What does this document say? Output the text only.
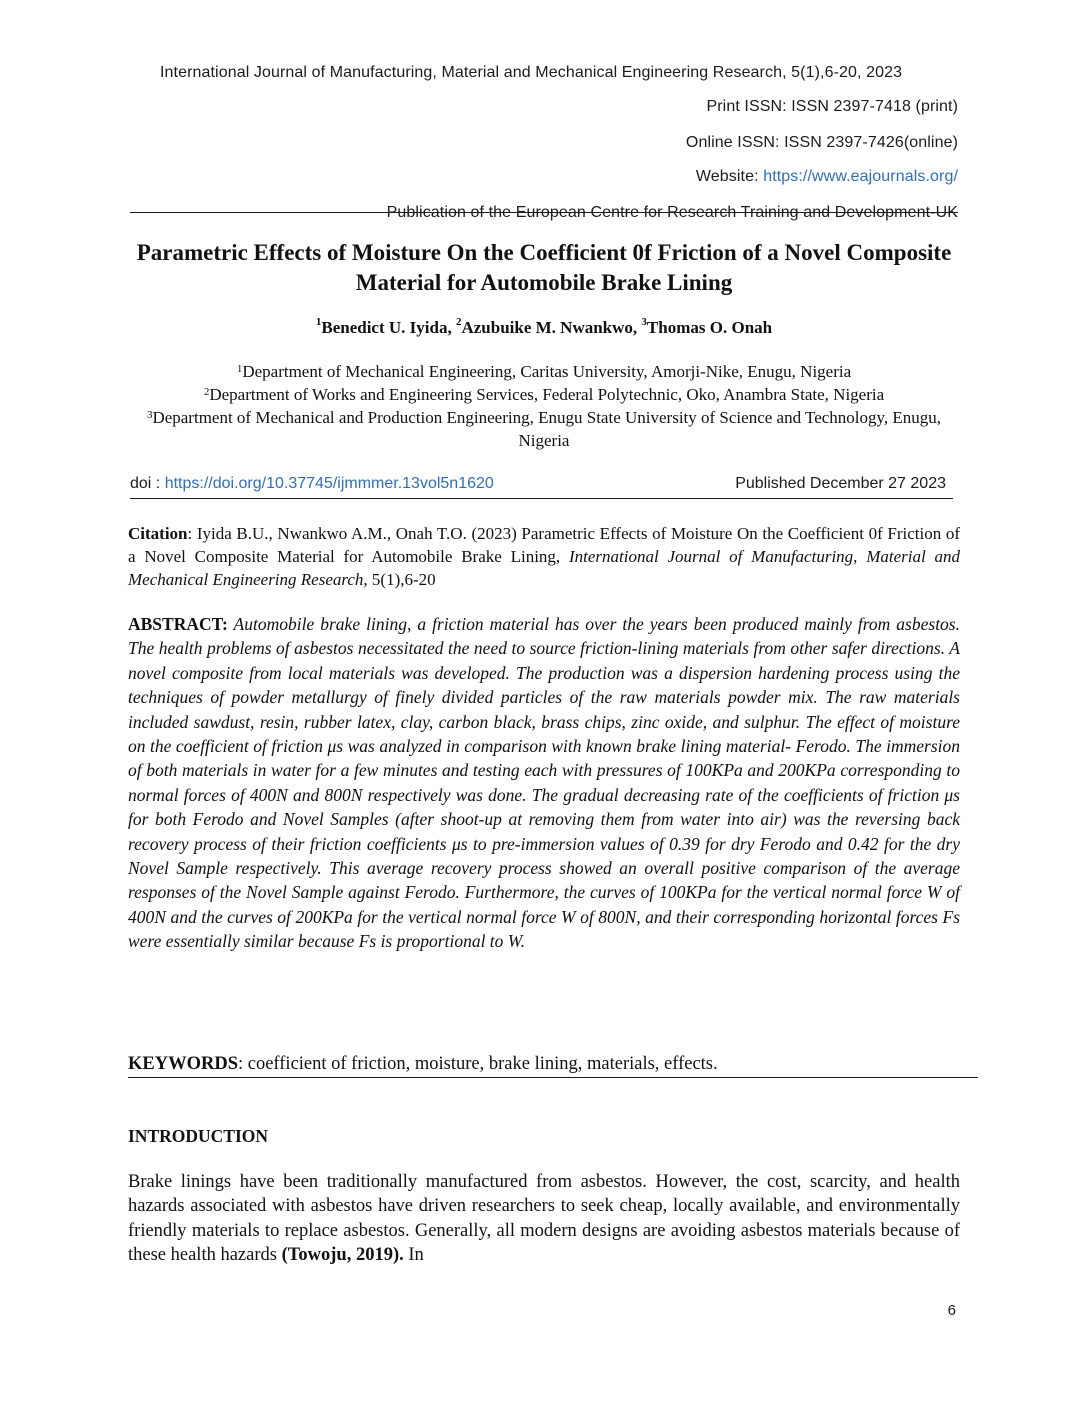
International Journal of Manufacturing, Material and Mechanical Engineering Research, 5(1),6-20, 2023
Print ISSN: ISSN 2397-7418 (print)
Online ISSN: ISSN 2397-7426(online)
Website: https://www.eajournals.org/
Publication of the European Centre for Research Training and Development-UK
Parametric Effects of Moisture On the Coefficient 0f Friction of a Novel Composite Material for Automobile Brake Lining
$^1$Benedict U. Iyida, $^2$Azubuike M. Nwankwo, $^3$Thomas O. Onah
$^1$Department of Mechanical Engineering, Caritas University, Amorji-Nike, Enugu, Nigeria
$^2$Department of Works and Engineering Services, Federal Polytechnic, Oko, Anambra State, Nigeria
$^3$Department of Mechanical and Production Engineering, Enugu State University of Science and Technology, Enugu, Nigeria
doi : https://doi.org/10.37745/ijmmmer.13vol5n1620	Published December 27 2023
Citation: Iyida B.U., Nwankwo A.M., Onah T.O. (2023) Parametric Effects of Moisture On the Coefficient 0f Friction of a Novel Composite Material for Automobile Brake Lining, International Journal of Manufacturing, Material and Mechanical Engineering Research, 5(1),6-20
ABSTRACT: Automobile brake lining, a friction material has over the years been produced mainly from asbestos. The health problems of asbestos necessitated the need to source friction-lining materials from other safer directions. A novel composite from local materials was developed. The production was a dispersion hardening process using the techniques of powder metallurgy of finely divided particles of the raw materials powder mix. The raw materials included sawdust, resin, rubber latex, clay, carbon black, brass chips, zinc oxide, and sulphur. The effect of moisture on the coefficient of friction μs was analyzed in comparison with known brake lining material- Ferodo. The immersion of both materials in water for a few minutes and testing each with pressures of 100KPa and 200KPa corresponding to normal forces of 400N and 800N respectively was done. The gradual decreasing rate of the coefficients of friction μs for both Ferodo and Novel Samples (after shoot-up at removing them from water into air) was the reversing back recovery process of their friction coefficients μs to pre-immersion values of 0.39 for dry Ferodo and 0.42 for the dry Novel Sample respectively. This average recovery process showed an overall positive comparison of the average responses of the Novel Sample against Ferodo. Furthermore, the curves of 100KPa for the vertical normal force W of 400N and the curves of 200KPa for the vertical normal force W of 800N, and their corresponding horizontal forces Fs were essentially similar because Fs is proportional to W.
KEYWORDS: coefficient of friction, moisture, brake lining, materials, effects.
INTRODUCTION
Brake linings have been traditionally manufactured from asbestos. However, the cost, scarcity, and health hazards associated with asbestos have driven researchers to seek cheap, locally available, and environmentally friendly materials to replace asbestos. Generally, all modern designs are avoiding asbestos materials because of these health hazards (Towoju, 2019). In
6
